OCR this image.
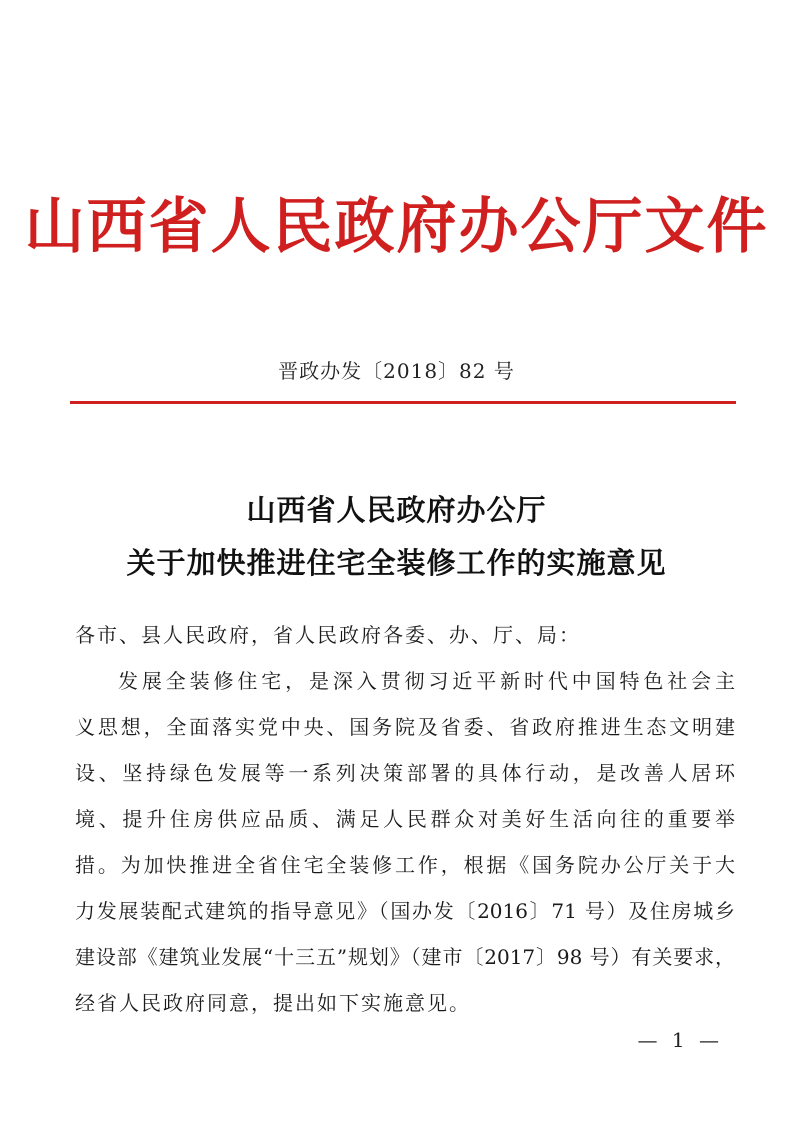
山西省人民政府办公厅文件
晋政办发〔2018〕82 号
山西省人民政府办公厅
关于加快推进住宅全装修工作的实施意见
各市、县人民政府，省人民政府各委、办、厅、局：
发展全装修住宅，是深入贯彻习近平新时代中国特色社会主
义思想，全面落实党中央、国务院及省委、省政府推进生态文明建
设、坚持绿色发展等一系列决策部署的具体行动，是改善人居环
境、提升住房供应品质、满足人民群众对美好生活向往的重要举
措。为加快推进全省住宅全装修工作，根据《国务院办公厅关于大
力发展装配式建筑的指导意见》（国办发〔2016〕71 号）及住房城乡
建设部《建筑业发展“十三五”规划》（建市〔2017〕98 号）有关要求，
经省人民政府同意，提出如下实施意见。
— 1 —
